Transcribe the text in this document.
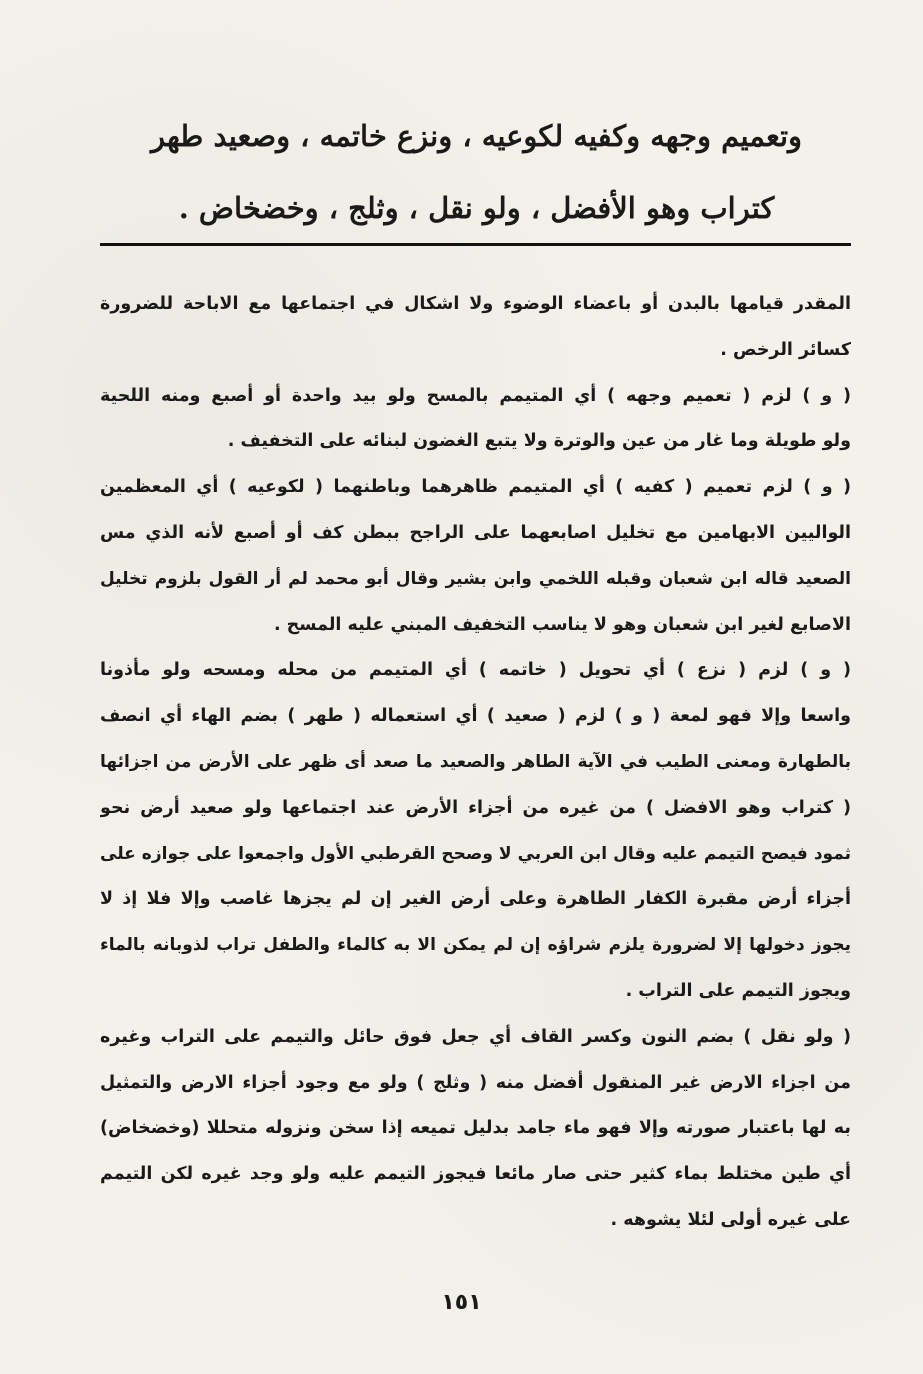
وتعميم وجهه وكفيه لكوعيه ، ونزع خاتمه ، وصعيد طهر
كتراب وهو الأفضل ، ولو نقل ، وثلج ، وخضخاض .
المقدر قيامها بالبدن أو باعضاء الوضوء ولا اشكال في اجتماعها مع الاباحة للضرورة
كسائر الرخص .
( و ) لزم ( تعميم وجهه ) أي المتيمم بالمسح ولو بيد واحدة أو أصبع ومنه اللحية
ولو طويلة وما غار من عين والوترة ولا يتبع الغضون لبنائه على التخفيف .
( و ) لزم تعميم ( كفيه ) أي المتيمم ظاهرهما وباطنهما ( لكوعيه ) أي المعظمين
الواليين الابهامين مع تخليل اصابعهما على الراجح ببطن كف أو أصبع لأنه الذي مس
الصعيد قاله ابن شعبان وقبله اللخمي وابن بشير وقال أبو محمد لم أر القول بلزوم تخليل
الاصابع لغير ابن شعبان وهو لا يناسب التخفيف المبني عليه المسح .
( و ) لزم ( نزع ) أي تحويل ( خاتمه ) أي المتيمم من محله ومسحه ولو مأذونا
واسعا وإلا فهو لمعة ( و ) لزم ( صعيد ) أي استعماله ( طهر ) بضم الهاء أي انصف
بالطهارة ومعنى الطيب في الآية الطاهر والصعيد ما صعد أى ظهر على الأرض من اجزائها
( كتراب وهو الافضل ) من غيره من أجزاء الأرض عند اجتماعها ولو صعيد أرض نحو
ثمود فيصح التيمم عليه وقال ابن العربي لا وصحح القرطبي الأول واجمعوا على جوازه على
أجزاء أرض مقبرة الكفار الطاهرة وعلى أرض الغير إن لم يجزها غاصب وإلا فلا إذ لا
يجوز دخولها إلا لضرورة يلزم شراؤه إن لم يمكن الا به كالماء والطفل تراب لذوبانه بالماء
ويجوز التيمم على التراب .
( ولو نقل ) بضم النون وكسر القاف أي جعل فوق حائل والتيمم على التراب وغيره
من اجزاء الارض غير المنقول أفضل منه ( وثلج ) ولو مع وجود أجزاء الارض والتمثيل
به لها باعتبار صورته وإلا فهو ماء جامد بدليل تميعه إذا سخن ونزوله متحللا (وخضخاض)
أي طين مختلط بماء كثير حتى صار مائعا فيجوز التيمم عليه ولو وجد غيره لكن التيمم
على غيره أولى لئلا يشوهه .
١٥١
